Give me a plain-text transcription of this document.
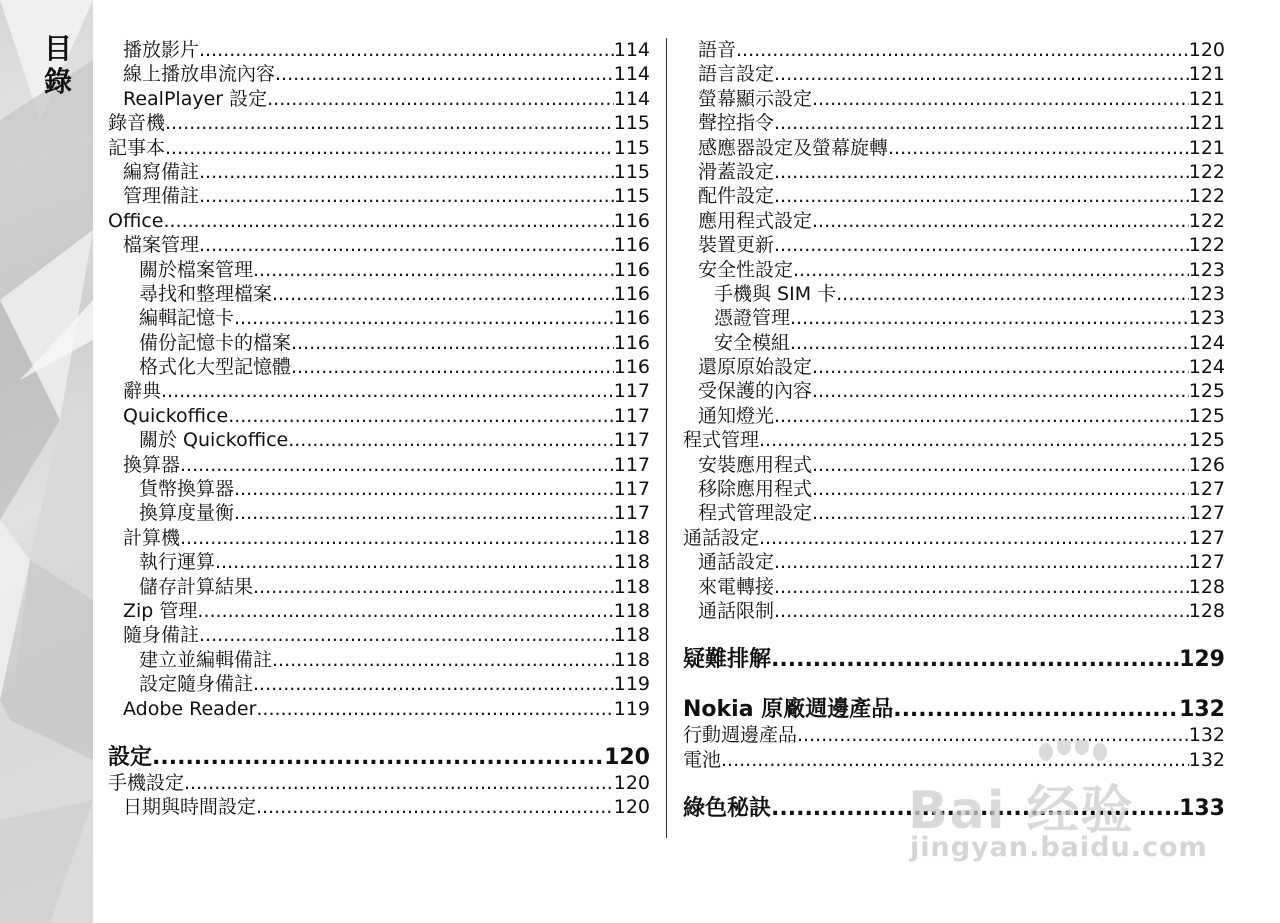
目
錄
播放影片 .....	114
線上播放串流內容 .....	114
RealPlayer 設定 .....	114
錄音機 .....	115
記事本 .....	115
編寫備註 .....	115
管理備註 .....	115
Office .....	116
檔案管理 .....	116
關於檔案管理 .....	116
尋找和整理檔案 .....	116
編輯記憶卡 .....	116
備份記憶卡的檔案 .....	116
格式化大型記憶體 .....	116
辭典 .....	117
Quickoffice .....	117
關於 Quickoffice .....	117
換算器 .....	117
貨幣換算器 .....	117
換算度量衡 .....	117
計算機 .....	118
執行運算 .....	118
儲存計算結果 .....	118
Zip 管理 .....	118
隨身備註 .....	118
建立並編輯備註 .....	118
設定隨身備註 .....	119
Adobe Reader .....	119
設定 .....	120
手機設定 .....	120
日期與時間設定 .....	120
語音 .....	120
語言設定 .....	121
螢幕顯示設定 .....	121
聲控指令 .....	121
感應器設定及螢幕旋轉 .....	121
滑蓋設定 .....	122
配件設定 .....	122
應用程式設定 .....	122
裝置更新 .....	122
安全性設定 .....	123
手機與 SIM 卡 .....	123
憑證管理 .....	123
安全模組 .....	124
還原原始設定 .....	124
受保護的內容 .....	125
通知燈光 .....	125
程式管理 .....	125
安裝應用程式 .....	126
移除應用程式 .....	127
程式管理設定 .....	127
通話設定 .....	127
通話設定 .....	127
來電轉接 .....	128
通話限制 .....	128
疑難排解 .....	129
Nokia 原廠週邊產品 .....	132
行動週邊產品 .....	132
電池 .....	132
綠色秘訣 .....	133
Bai 经验
jingyan.baidu.com
